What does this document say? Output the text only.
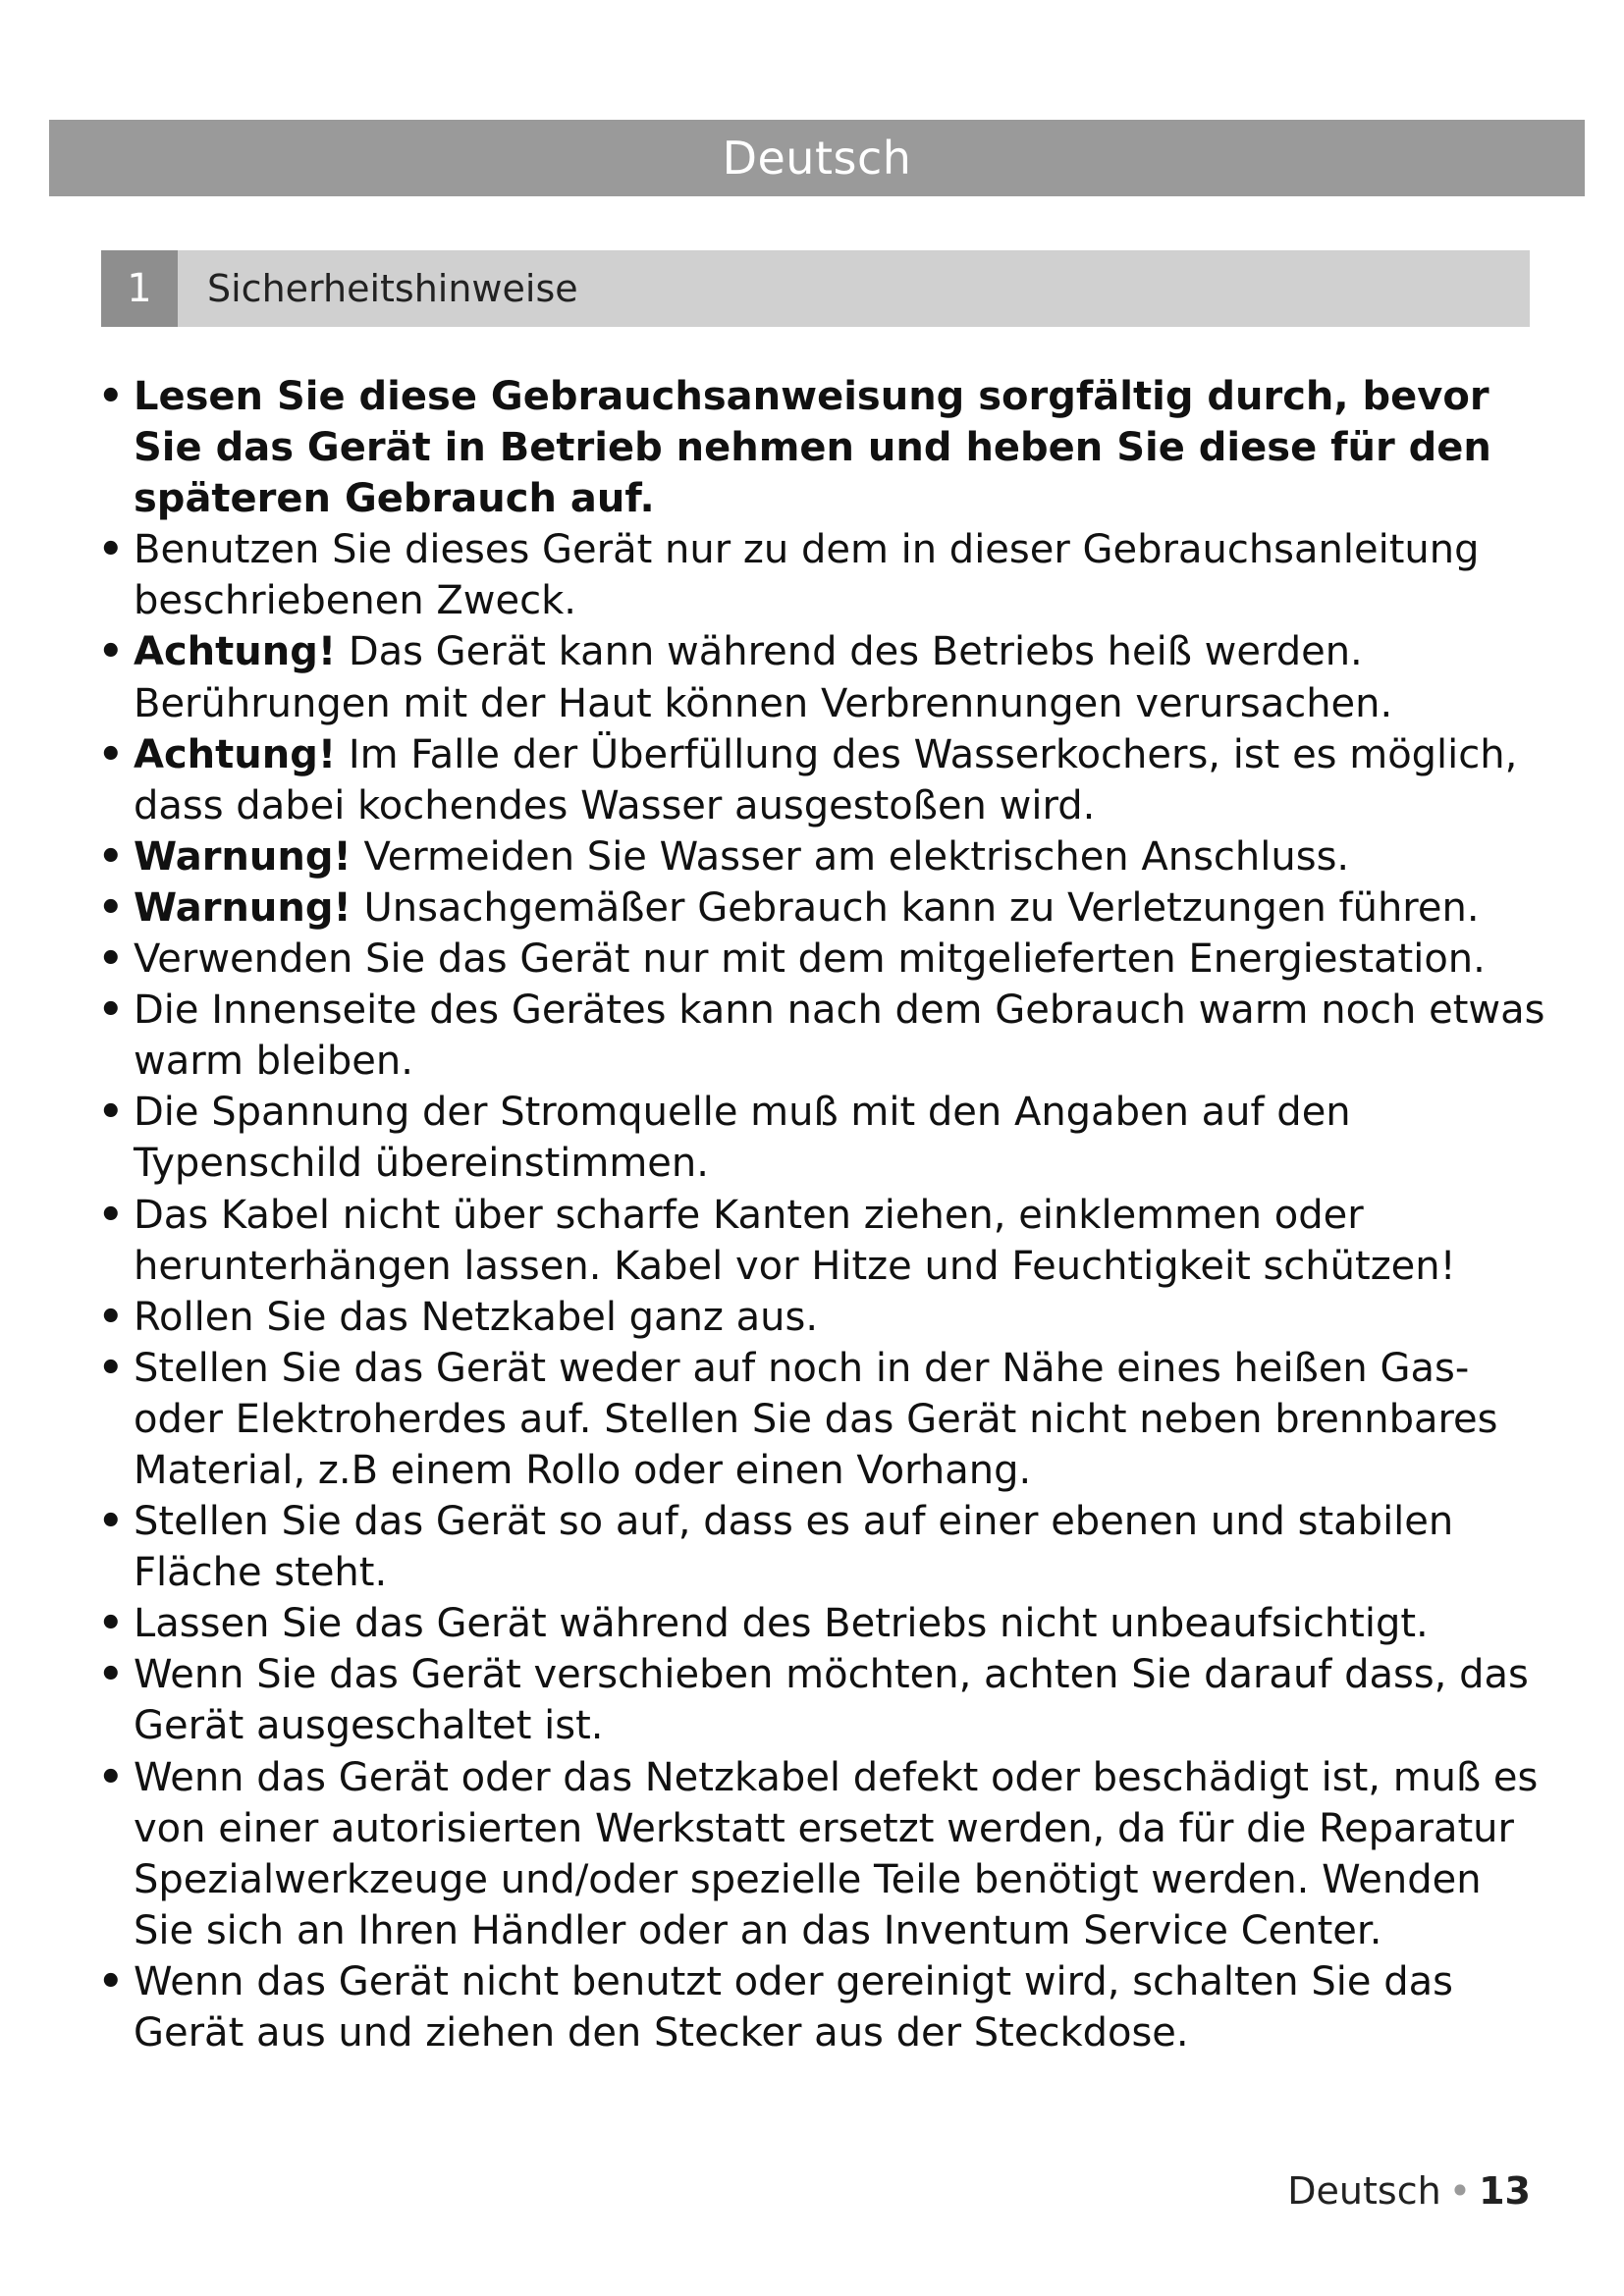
Deutsch
1	Sicherheitshinweise
• Lesen Sie diese Gebrauchsanweisung sorgfältig durch, bevor Sie das Gerät in Betrieb nehmen und heben Sie diese für den späteren Gebrauch auf.
• Benutzen Sie dieses Gerät nur zu dem in dieser Gebrauchsanleitung beschriebenen Zweck.
• Achtung! Das Gerät kann während des Betriebs heiß werden. Berührungen mit der Haut können Verbrennungen verursachen.
• Achtung! Im Falle der Überfüllung des Wasserkochers, ist es möglich, dass dabei kochendes Wasser ausgestoßen wird.
• Warnung! Vermeiden Sie Wasser am elektrischen Anschluss.
• Warnung! Unsachgemäßer Gebrauch kann zu Verletzungen führen.
• Verwenden Sie das Gerät nur mit dem mitgelieferten Energiestation.
• Die Innenseite des Gerätes kann nach dem Gebrauch warm noch etwas warm bleiben.
• Die Spannung der Stromquelle muß mit den Angaben auf den Typenschild übereinstimmen.
• Das Kabel nicht über scharfe Kanten ziehen, einklemmen oder herunterhängen lassen. Kabel vor Hitze und Feuchtigkeit schützen!
• Rollen Sie das Netzkabel ganz aus.
• Stellen Sie das Gerät weder auf noch in der Nähe eines heißen Gas- oder Elektroherdes auf. Stellen Sie das Gerät nicht neben brennbares Material, z.B einem Rollo oder einen Vorhang.
• Stellen Sie das Gerät so auf, dass es auf einer ebenen und stabilen Fläche steht.
• Lassen Sie das Gerät während des Betriebs nicht unbeaufsichtigt.
• Wenn Sie das Gerät verschieben möchten, achten Sie darauf dass, das Gerät ausgeschaltet ist.
• Wenn das Gerät oder das Netzkabel defekt oder beschädigt ist, muß es von einer autorisierten Werkstatt ersetzt werden, da für die Reparatur Spezialwerkzeuge und/oder spezielle Teile benötigt werden. Wenden Sie sich an Ihren Händler oder an das Inventum Service Center.
• Wenn das Gerät nicht benutzt oder gereinigt wird, schalten Sie das Gerät aus und ziehen den Stecker aus der Steckdose.
Deutsch • 13
